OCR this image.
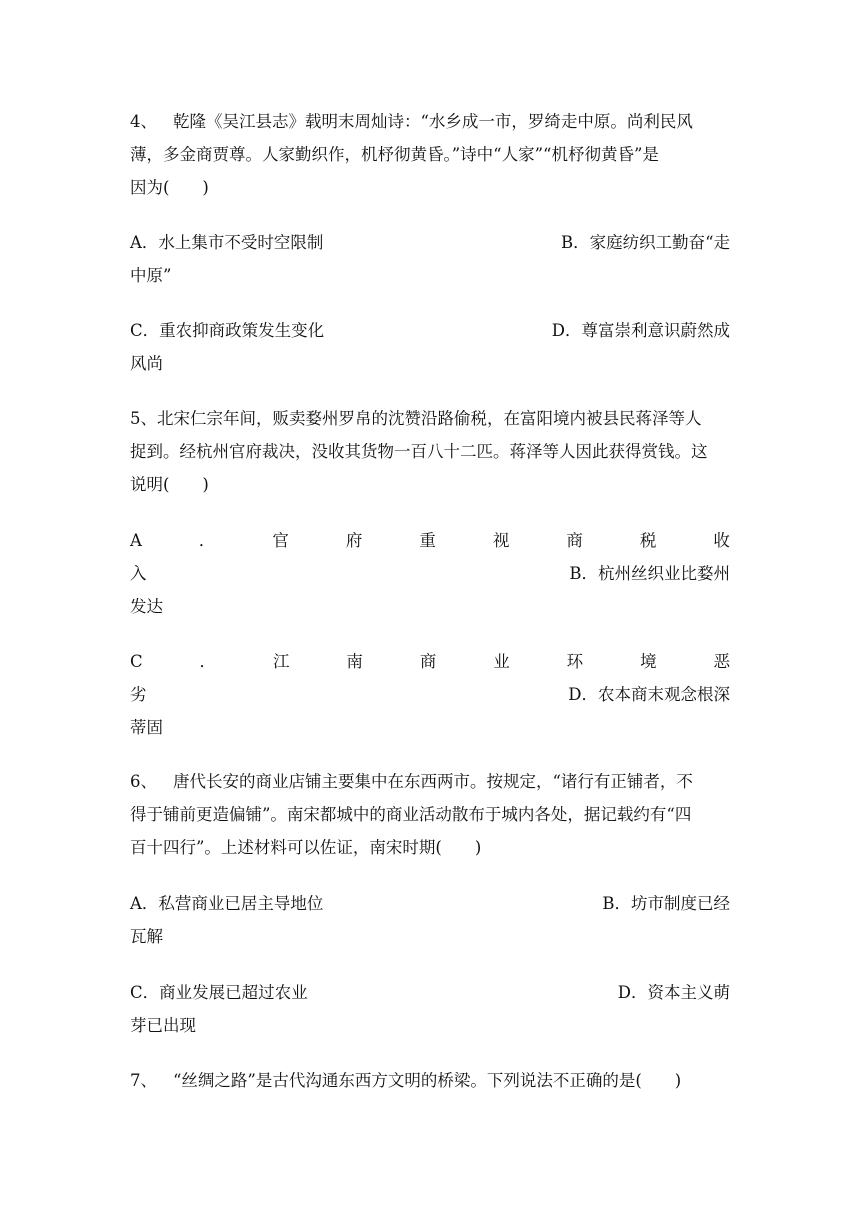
4、 乾隆《吴江县志》载明末周灿诗：“水乡成一市，罗绮走中原。尚利民风
薄，多金商贾尊。人家勤织作，机杼彻黄昏。”诗中“人家”“机杼彻黄昏”是
因为(　　)
A．水上集市不受时空限制	B．家庭纺织工勤奋“走
中原”
C．重农抑商政策发生变化	D．尊富崇利意识蔚然成
风尚
5、北宋仁宗年间，贩卖婺州罗帛的沈赞沿路偷税，在富阳境内被县民蒋泽等人
捉到。经杭州官府裁决，没收其货物一百八十二匹。蒋泽等人因此获得赏钱。这
说明(　　)
A	．	官	府	重	视	商	税	收
入	B．杭州丝织业比婺州
发达
C	．	江	南	商	业	环	境	恶
劣	D．农本商末观念根深
蒂固
6、 唐代长安的商业店铺主要集中在东西两市。按规定，“诸行有正铺者，不
得于铺前更造偏铺”。南宋都城中的商业活动散布于城内各处，据记载约有“四
百十四行”。上述材料可以佐证，南宋时期(　　)
A．私营商业已居主导地位	B．坊市制度已经
瓦解
C．商业发展已超过农业	D．资本主义萌
芽已出现
7、 “丝绸之路”是古代沟通东西方文明的桥梁。下列说法不正确的是(　　)
